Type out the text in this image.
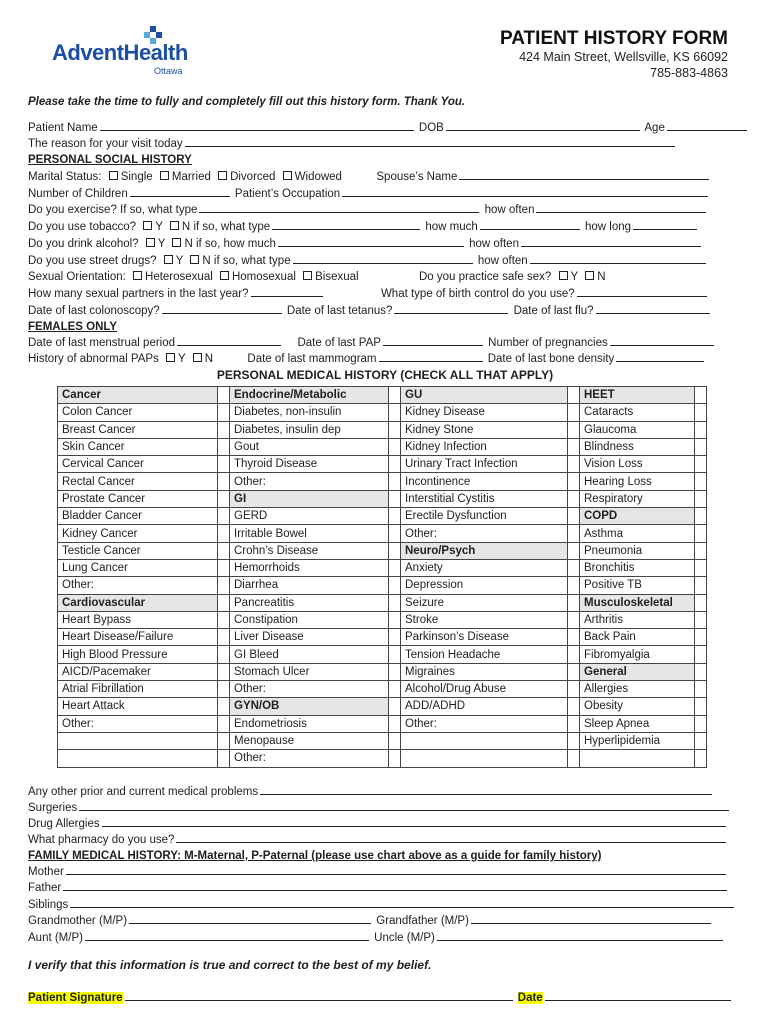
AdventHealth
Ottawa
PATIENT HISTORY FORM
424 Main Street, Wellsville, KS 66092
785-883-4863
Please take the time to fully and completely fill out this history form. Thank You.
Patient Name	DOB	Age
The reason for your visit today
PERSONAL SOCIAL HISTORY
Marital Status: Single Married Divorced Widowed	Spouse’s Name
Number of Children	Patient’s Occupation
Do you exercise? If so, what type	how often
Do you use tobacco? Y N if so, what type	how much	how long
Do you drink alcohol? Y N if so, how much	how often
Do you use street drugs? Y N if so, what type	how often
Sexual Orientation: Heterosexual Homosexual Bisexual	Do you practice safe sex? Y N
How many sexual partners in the last year?	What type of birth control do you use?
Date of last colonoscopy?	Date of last tetanus?	Date of last flu?
FEMALES ONLY
Date of last menstrual period	Date of last PAP	Number of pregnancies
History of abnormal PAPs Y N	Date of last mammogram	Date of last bone density
PERSONAL MEDICAL HISTORY (CHECK ALL THAT APPLY)
Cancer		Endocrine/Metabolic		GU		HEET	
Colon Cancer		Diabetes, non-insulin		Kidney Disease		Cataracts	
Breast Cancer		Diabetes, insulin dep		Kidney Stone		Glaucoma	
Skin Cancer		Gout		Kidney Infection		Blindness	
Cervical Cancer		Thyroid Disease		Urinary Tract Infection		Vision Loss	
Rectal Cancer		Other:		Incontinence		Hearing Loss	
Prostate Cancer		GI		Interstitial Cystitis		Respiratory	
Bladder Cancer		GERD		Erectile Dysfunction		COPD	
Kidney Cancer		Irritable Bowel		Other:		Asthma	
Testicle Cancer		Crohn’s Disease		Neuro/Psych		Pneumonia	
Lung Cancer		Hemorrhoids		Anxiety		Bronchitis	
Other:		Diarrhea		Depression		Positive TB	
Cardiovascular		Pancreatitis		Seizure		Musculoskeletal	
Heart Bypass		Constipation		Stroke		Arthritis	
Heart Disease/Failure		Liver Disease		Parkinson’s Disease		Back Pain	
High Blood Pressure		GI Bleed		Tension Headache		Fibromyalgia	
AICD/Pacemaker		Stomach Ulcer		Migraines		General	
Atrial Fibrillation		Other:		Alcohol/Drug Abuse		Allergies	
Heart Attack		GYN/OB		ADD/ADHD		Obesity	
Other:		Endometriosis		Other:		Sleep Apnea	
		Menopause				Hyperlipidemia	
		Other:					
Any other prior and current medical problems
Surgeries
Drug Allergies
What pharmacy do you use?
FAMILY MEDICAL HISTORY: M-Maternal, P-Paternal (please use chart above as a guide for family history)
Mother
Father
Siblings
Grandmother (M/P)	Grandfather (M/P)
Aunt (M/P)	Uncle (M/P)
I verify that this information is true and correct to the best of my belief.
Patient Signature	Date
